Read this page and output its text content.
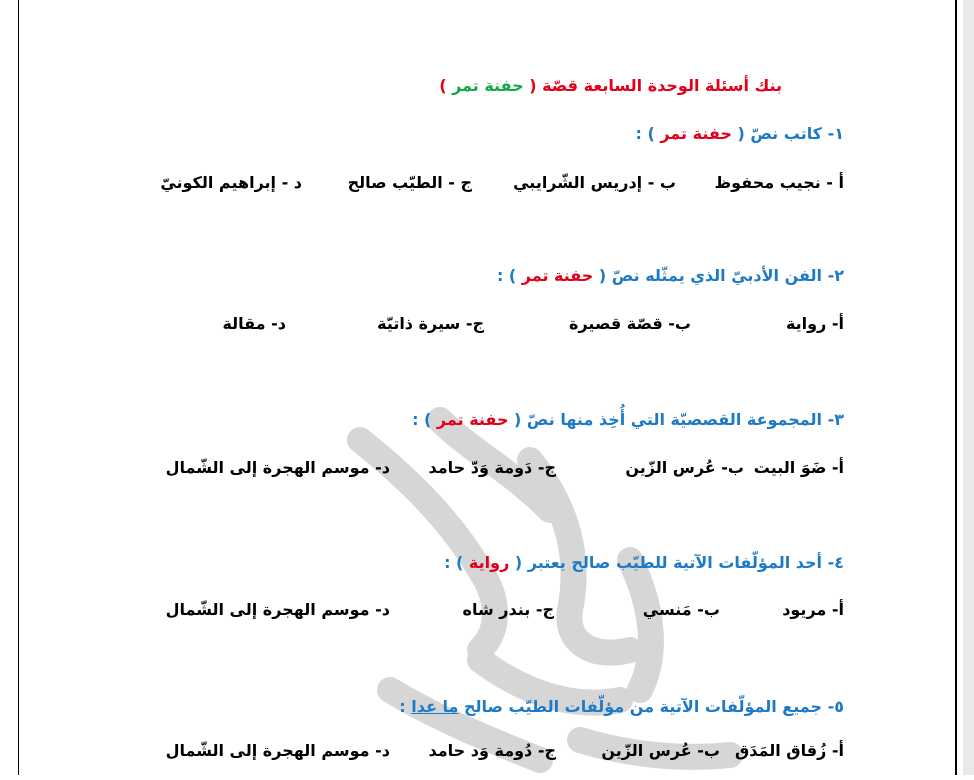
بنك أسئلة الوحدة السابعة قصّة ( حفنة تمر )
١- كاتب نصّ ( حفنة تمر ) :
أ - نجيب محفوظ
ب - إدريس الشّرايبي
ج - الطيّب صالح
د - إبراهيم الكونيّ
٢- الفن الأدبيّ الذي يمثّله نصّ ( حفنة تمر ) :
أ- رواية
ب- قصّة قصيرة
ج- سيرة ذاتيّة
د- مقالة
٣- المجموعة القصصيّة التي أُخِذ منها نصّ ( حفنة تمر ) :
أ- ضَوَ البيت
ب- عُرس الزّين
ج- دَومة وَدّ حامد
د- موسم الهجرة إلى الشّمال
٤- أحد المؤلّفات الآتية للطيّب صالح يعتبر ( رواية ) :
أ- مريود
ب- مَنسي
ج- بندر شاه
د- موسم الهجرة إلى الشّمال
٥- جميع المؤلّفات الآتية من مؤلّفات الطيّب صالح ما عدا :
أ- زُقاق المَدَق
ب- عُرس الزّين
ج- دُومة وَد حامد
د- موسم الهجرة إلى الشّمال
